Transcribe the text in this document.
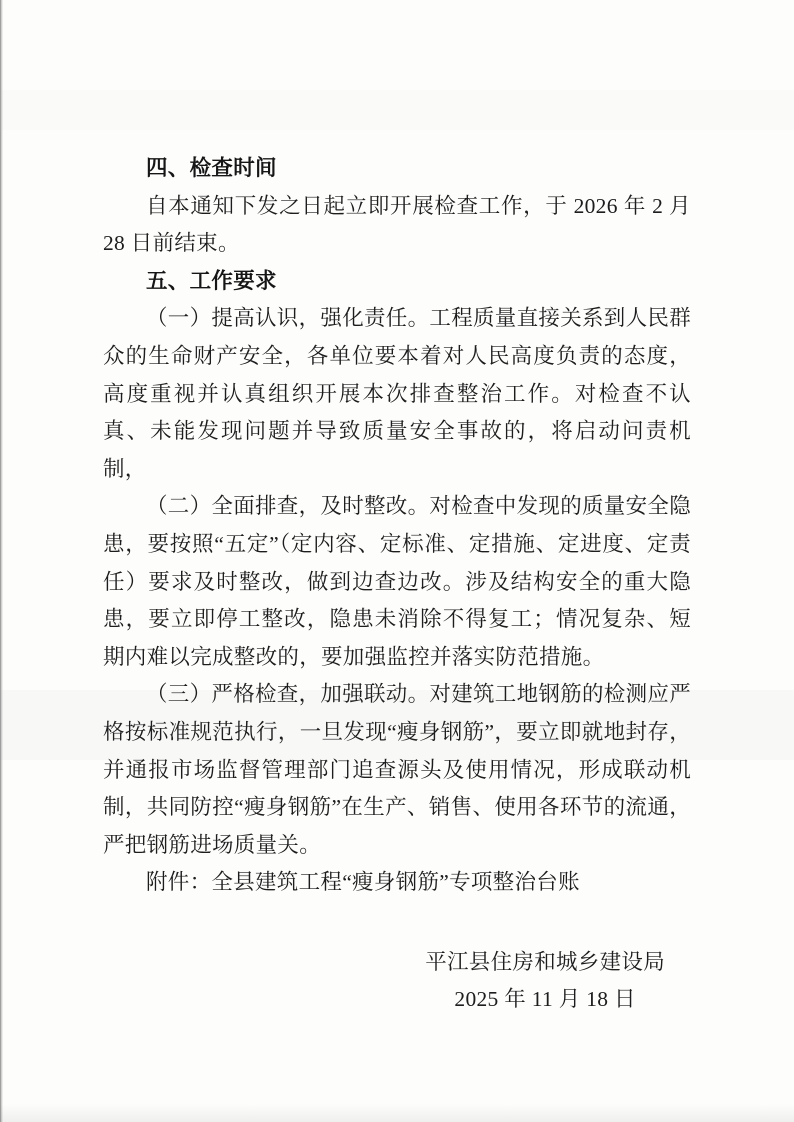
四、检查时间

自本通知下发之日起立即开展检查工作，于 2026 年 2 月 28 日前结束。

五、工作要求

（一）提高认识，强化责任。工程质量直接关系到人民群众的生命财产安全，各单位要本着对人民高度负责的态度，高度重视并认真组织开展本次排查整治工作。对检查不认真、未能发现问题并导致质量安全事故的，将启动问责机制，

（二）全面排查，及时整改。对检查中发现的质量安全隐患，要按照“五定”（定内容、定标准、定措施、定进度、定责任）要求及时整改，做到边查边改。涉及结构安全的重大隐患，要立即停工整改，隐患未消除不得复工；情况复杂、短期内难以完成整改的，要加强监控并落实防范措施。

（三）严格检查，加强联动。对建筑工地钢筋的检测应严格按标准规范执行，一旦发现“瘦身钢筋”，要立即就地封存，并通报市场监督管理部门追查源头及使用情况，形成联动机制，共同防控“瘦身钢筋”在生产、销售、使用各环节的流通，严把钢筋进场质量关。

附件：全县建筑工程“瘦身钢筋”专项整治台账

平江县住房和城乡建设局
2025 年 11 月 18 日
